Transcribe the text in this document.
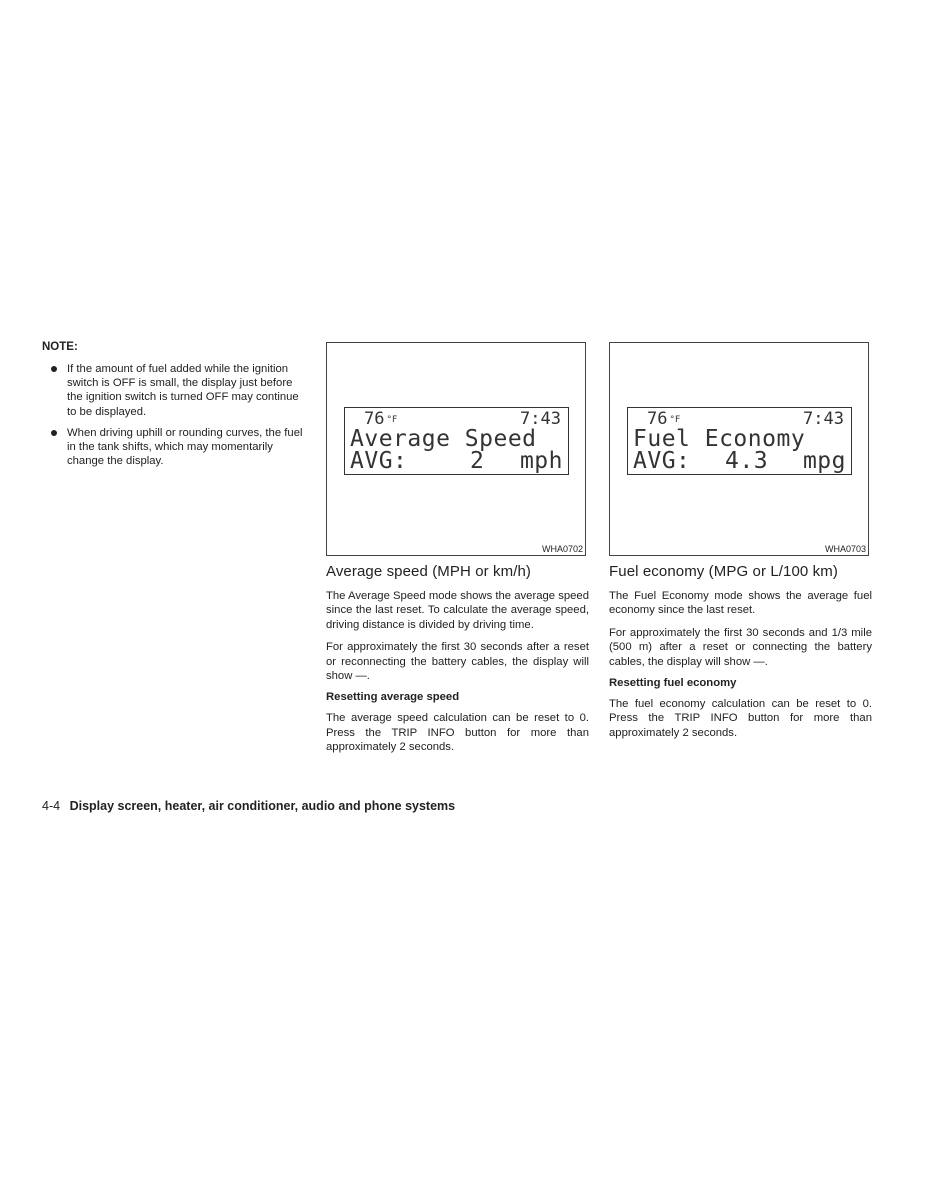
NOTE:

If the amount of fuel added while the ignition switch is OFF is small, the display just before the ignition switch is turned OFF may continue to be displayed.
When driving uphill or rounding curves, the fuel in the tank shifts, which may momentarily change the display.
76 °F	7:43
Average Speed
AVG:	2 mph
WHA0702
76 °F	7:43
Fuel Economy
AVG: 4.3 mpg
WHA0703
Average speed (MPH or km/h)

The Average Speed mode shows the average speed since the last reset. To calculate the average speed, driving distance is divided by driving time.

For approximately the first 30 seconds after a reset or reconnecting the battery cables, the display will show —.

Resetting average speed

The average speed calculation can be reset to 0. Press the TRIP INFO button for more than approximately 2 seconds.

Fuel economy (MPG or L/100 km)

The Fuel Economy mode shows the average fuel economy since the last reset.

For approximately the first 30 seconds and 1/3 mile (500 m) after a reset or connecting the battery cables, the display will show —.

Resetting fuel economy

The fuel economy calculation can be reset to 0. Press the TRIP INFO button for more than approximately 2 seconds.

4-4 Display screen, heater, air conditioner, audio and phone systems
